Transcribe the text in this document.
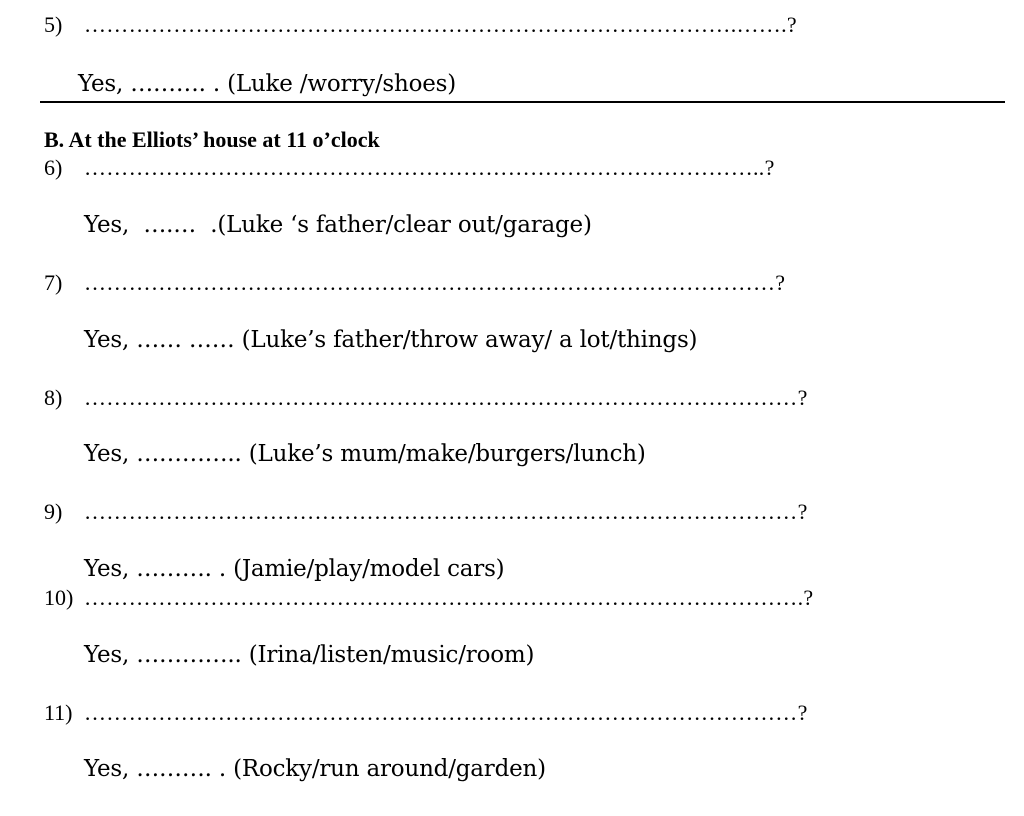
5) …………………………………………………………………………….…….?
Yes, ………. . (Luke /worry/shoes)
B. At the Elliots’ house at 11 o’clock
6) ………………………………………………………………………………..?
Yes,  ….…  .(Luke ‘s father/clear out/garage)
7) …………………………………………………………………………………?
Yes, …… …… (Luke’s father/throw away/ a lot/things)
8) ……………………………………………………………………………………?
Yes, ………….. (Luke’s mum/make/burgers/lunch)
9) ……………………………………………………………………………………?
Yes, ………. . (Jamie/play/model cars)
10) …………………………………………………………………………………….?
Yes, ………….. (Irina/listen/music/room)
11) ……………………………………………………………………………………?
Yes, ………. . (Rocky/run around/garden)
